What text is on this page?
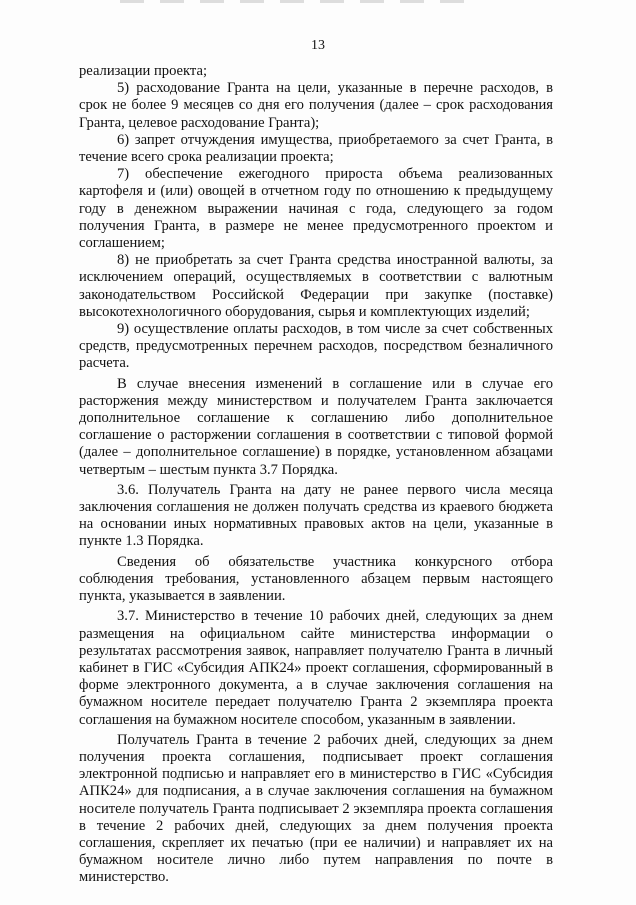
13

реализации проекта;

5) расходование Гранта на цели, указанные в перечне расходов, в срок не более 9 месяцев со дня его получения (далее – срок расходования Гранта, целевое расходование Гранта);

6) запрет отчуждения имущества, приобретаемого за счет Гранта, в течение всего срока реализации проекта;

7) обеспечение ежегодного прироста объема реализованных картофеля и (или) овощей в отчетном году по отношению к предыдущему году в денежном выражении начиная с года, следующего за годом получения Гранта, в размере не менее предусмотренного проектом и соглашением;

8) не приобретать за счет Гранта средства иностранной валюты, за исключением операций, осуществляемых в соответствии с валютным законодательством Российской Федерации при закупке (поставке) высокотехнологичного оборудования, сырья и комплектующих изделий;

9) осуществление оплаты расходов, в том числе за счет собственных средств, предусмотренных перечнем расходов, посредством безналичного расчета.

В случае внесения изменений в соглашение или в случае его расторжения между министерством и получателем Гранта заключается дополнительное соглашение к соглашению либо дополнительное соглашение о расторжении соглашения в соответствии с типовой формой (далее – дополнительное соглашение) в порядке, установленном абзацами четвертым – шестым пункта 3.7 Порядка.

3.6. Получатель Гранта на дату не ранее первого числа месяца заключения соглашения не должен получать средства из краевого бюджета на основании иных нормативных правовых актов на цели, указанные в пункте 1.3 Порядка.

Сведения об обязательстве участника конкурсного отбора соблюдения требования, установленного абзацем первым настоящего пункта, указывается в заявлении.

3.7. Министерство в течение 10 рабочих дней, следующих за днем размещения на официальном сайте министерства информации о результатах рассмотрения заявок, направляет получателю Гранта в личный кабинет в ГИС «Субсидия АПК24» проект соглашения, сформированный в форме электронного документа, а в случае заключения соглашения на бумажном носителе передает получателю Гранта 2 экземпляра проекта соглашения на бумажном носителе способом, указанным в заявлении.

Получатель Гранта в течение 2 рабочих дней, следующих за днем получения проекта соглашения, подписывает проект соглашения электронной подписью и направляет его в министерство в ГИС «Субсидия АПК24» для подписания, а в случае заключения соглашения на бумажном носителе получатель Гранта подписывает 2 экземпляра проекта соглашения в течение 2 рабочих дней, следующих за днем получения проекта соглашения, скрепляет их печатью (при ее наличии) и направляет их на бумажном носителе лично либо путем направления по почте в министерство.
